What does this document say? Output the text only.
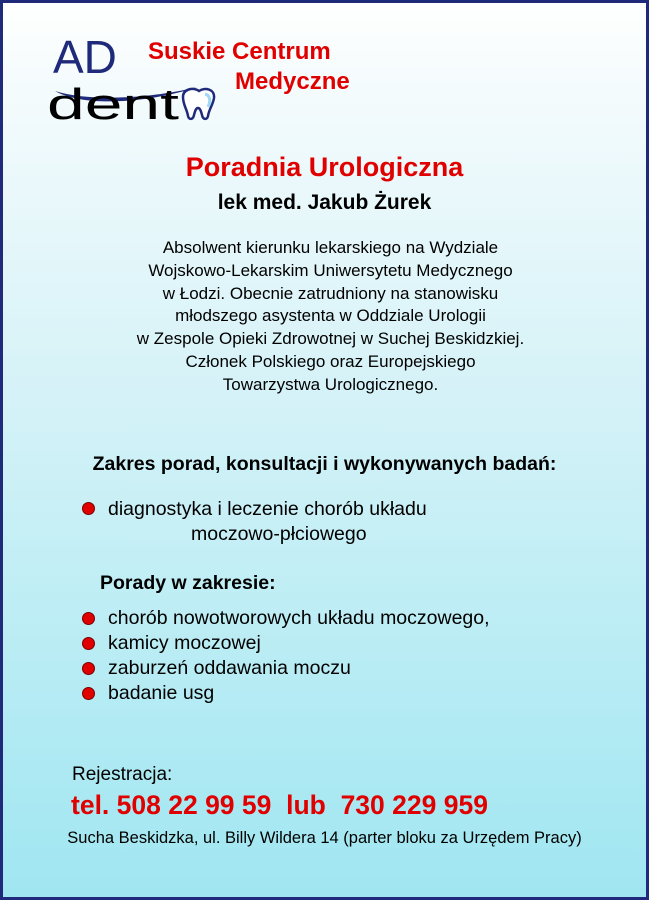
AD
dent
Suskie Centrum
Medyczne
Poradnia Urologiczna
lek med. Jakub Żurek
Absolwent kierunku lekarskiego na Wydziale
Wojskowo-Lekarskim Uniwersytetu Medycznego
w Łodzi. Obecnie zatrudniony na stanowisku
młodszego asystenta w Oddziale Urologii
w Zespole Opieki Zdrowotnej w Suchej Beskidzkiej.
Członek Polskiego oraz Europejskiego
Towarzystwa Urologicznego.
Zakres porad, konsultacji i wykonywanych badań:
diagnostyka i leczenie chorób układu
moczowo-płciowego
Porady w zakresie:
chorób nowotworowych układu moczowego,
kamicy moczowej
zaburzeń oddawania moczu
badanie usg
Rejestracja:
tel. 508 22 99 59  lub  730 229 959
Sucha Beskidzka, ul. Billy Wildera 14 (parter bloku za Urzędem Pracy)
